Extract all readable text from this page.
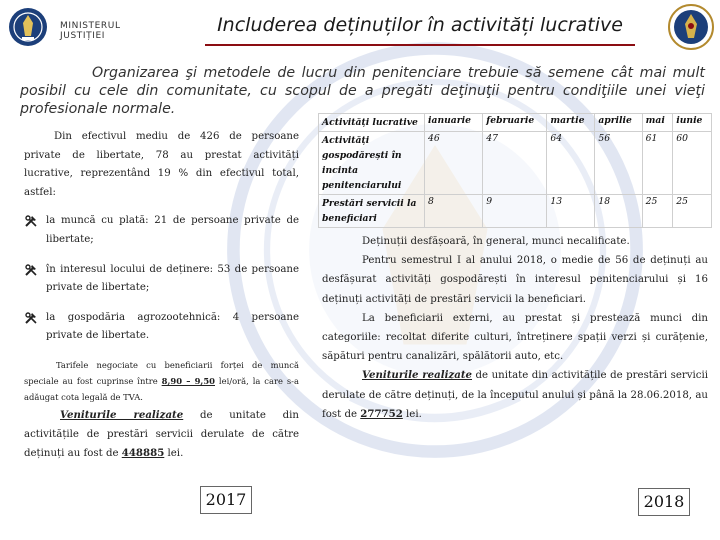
MINISTERUL JUSTIȚIEI	Includerea deținuților în activități lucrative

Organizarea şi metodele de lucru din penitenciare trebuie să semene cât mai mult posibil cu cele din comunitate, cu scopul de a pregăti deţinuţii pentru condiţiile unei vieţi profesionale normale.

Din efectivul mediu de 426 de persoane private de libertate, 78 au prestat activități lucrative, reprezentând 19 % din efectivul total, astfel:

la muncă cu plată: 21 de persoane private de libertate;
în interesul locului de deținere: 53 de persoane private de libertate;
la gospodăria agrozootehnică: 4 persoane private de libertate.

Tarifele negociate cu beneficiarii forței de muncă speciale au fost cuprinse între 8,90 – 9,50 lei/oră, la care s-a adăugat cota legală de TVA.

Veniturile realizate de unitate din activitățile de prestări servicii derulate de către deținuți au fost de 448885 lei.

Activități lucrative	ianuarie	februarie	martie	aprilie	mai	iunie
Activități gospodărești în incinta penitenciarului	46	47	64	56	61	60
Prestări servicii la beneficiari	8	9	13	18	25	25

Deținuții desfășoară, în general, munci necalificate.

Pentru semestrul I al anului 2018, o medie de 56 de deținuți au desfășurat activități gospodărești în interesul penitenciarului și 16 deținuți activități de prestări servicii la beneficiari.

La beneficiarii externi, au prestat și prestează munci din categoriile: recoltat diferite culturi, întreținere spații verzi și curățenie, săpături pentru canalizări, spălătorii auto, etc.

Veniturile realizate de unitate din activitățile de prestări servicii derulate de către deținuți, de la începutul anului și până la 28.06.2018, au fost de 277752 lei.

2017	2018
